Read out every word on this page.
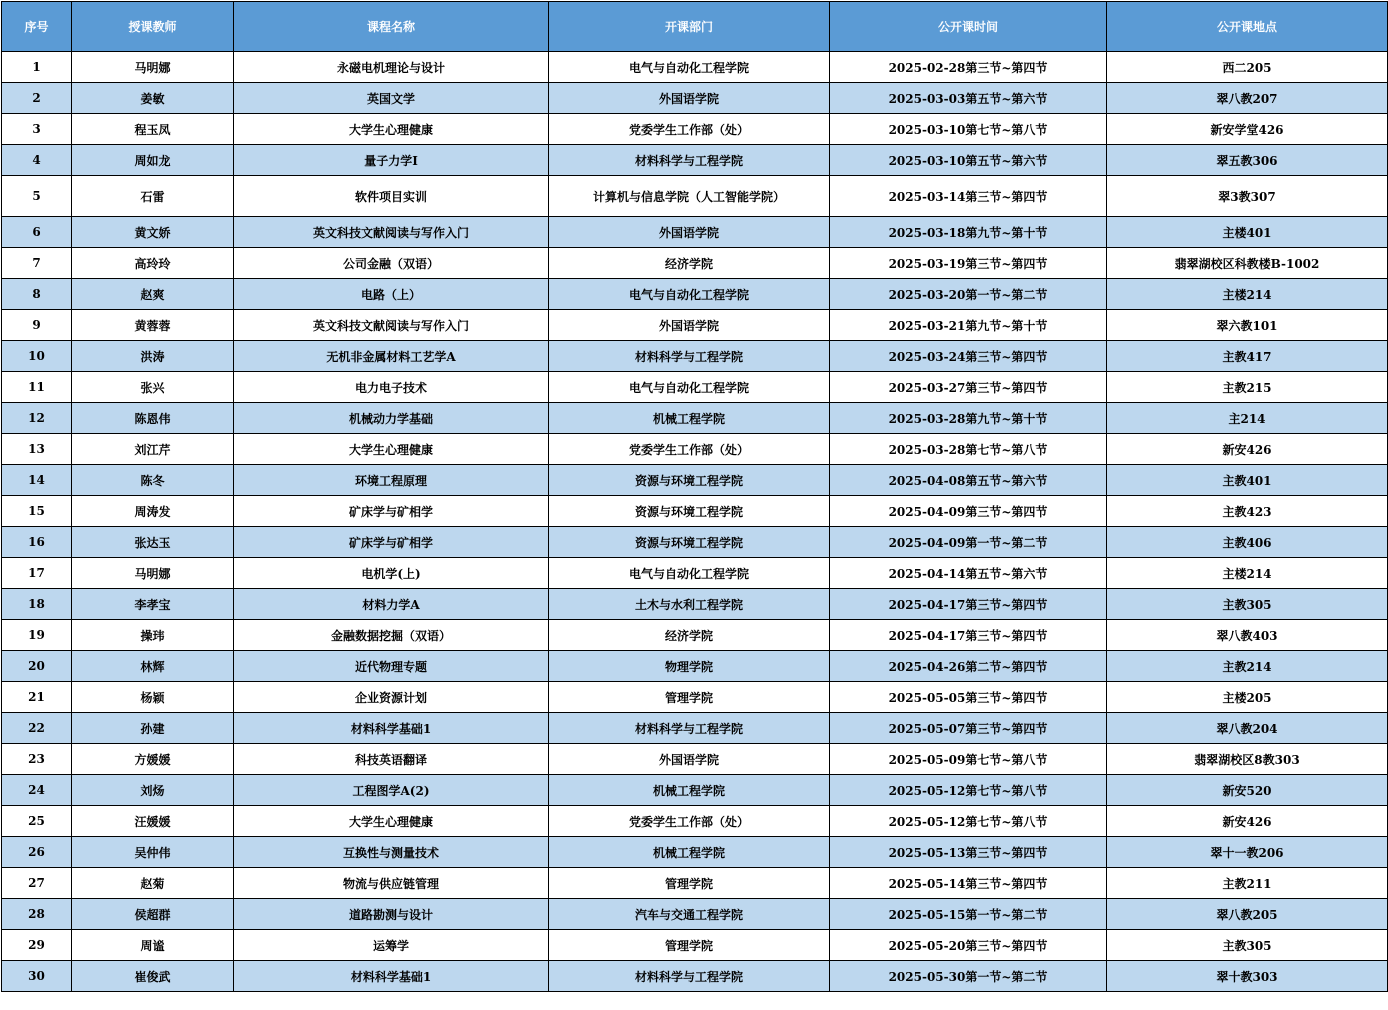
序号	授课教师	课程名称	开课部门	公开课时间	公开课地点
1	马明娜	永磁电机理论与设计	电气与自动化工程学院	2025-02-28第三节~第四节	西二205
2	姜敏	英国文学	外国语学院	2025-03-03第五节~第六节	翠八教207
3	程玉凤	大学生心理健康	党委学生工作部（处）	2025-03-10第七节~第八节	新安学堂426
4	周如龙	量子力学I	材料科学与工程学院	2025-03-10第五节~第六节	翠五教306
5	石雷	软件项目实训	计算机与信息学院（人工智能学院）	2025-03-14第三节~第四节	翠3教307
6	黄文娇	英文科技文献阅读与写作入门	外国语学院	2025-03-18第九节~第十节	主楼401
7	高玲玲	公司金融（双语）	经济学院	2025-03-19第三节~第四节	翡翠湖校区科教楼B-1002
8	赵爽	电路（上）	电气与自动化工程学院	2025-03-20第一节~第二节	主楼214
9	黄蓉蓉	英文科技文献阅读与写作入门	外国语学院	2025-03-21第九节~第十节	翠六教101
10	洪涛	无机非金属材料工艺学A	材料科学与工程学院	2025-03-24第三节~第四节	主教417
11	张兴	电力电子技术	电气与自动化工程学院	2025-03-27第三节~第四节	主教215
12	陈恩伟	机械动力学基础	机械工程学院	2025-03-28第九节~第十节	主214
13	刘江芹	大学生心理健康	党委学生工作部（处）	2025-03-28第七节~第八节	新安426
14	陈冬	环境工程原理	资源与环境工程学院	2025-04-08第五节~第六节	主教401
15	周涛发	矿床学与矿相学	资源与环境工程学院	2025-04-09第三节~第四节	主教423
16	张达玉	矿床学与矿相学	资源与环境工程学院	2025-04-09第一节~第二节	主教406
17	马明娜	电机学(上)	电气与自动化工程学院	2025-04-14第五节~第六节	主楼214
18	李孝宝	材料力学A	土木与水利工程学院	2025-04-17第三节~第四节	主教305
19	操玮	金融数据挖掘（双语）	经济学院	2025-04-17第三节~第四节	翠八教403
20	林辉	近代物理专题	物理学院	2025-04-26第二节~第四节	主教214
21	杨颖	企业资源计划	管理学院	2025-05-05第三节~第四节	主楼205
22	孙建	材料科学基础1	材料科学与工程学院	2025-05-07第三节~第四节	翠八教204
23	方媛媛	科技英语翻译	外国语学院	2025-05-09第七节~第八节	翡翠湖校区8教303
24	刘炀	工程图学A(2)	机械工程学院	2025-05-12第七节~第八节	新安520
25	汪媛媛	大学生心理健康	党委学生工作部（处）	2025-05-12第七节~第八节	新安426
26	吴仲伟	互换性与测量技术	机械工程学院	2025-05-13第三节~第四节	翠十一教206
27	赵菊	物流与供应链管理	管理学院	2025-05-14第三节~第四节	主教211
28	侯超群	道路勘测与设计	汽车与交通工程学院	2025-05-15第一节~第二节	翠八教205
29	周谧	运筹学	管理学院	2025-05-20第三节~第四节	主教305
30	崔俊武	材料科学基础1	材料科学与工程学院	2025-05-30第一节~第二节	翠十教303
